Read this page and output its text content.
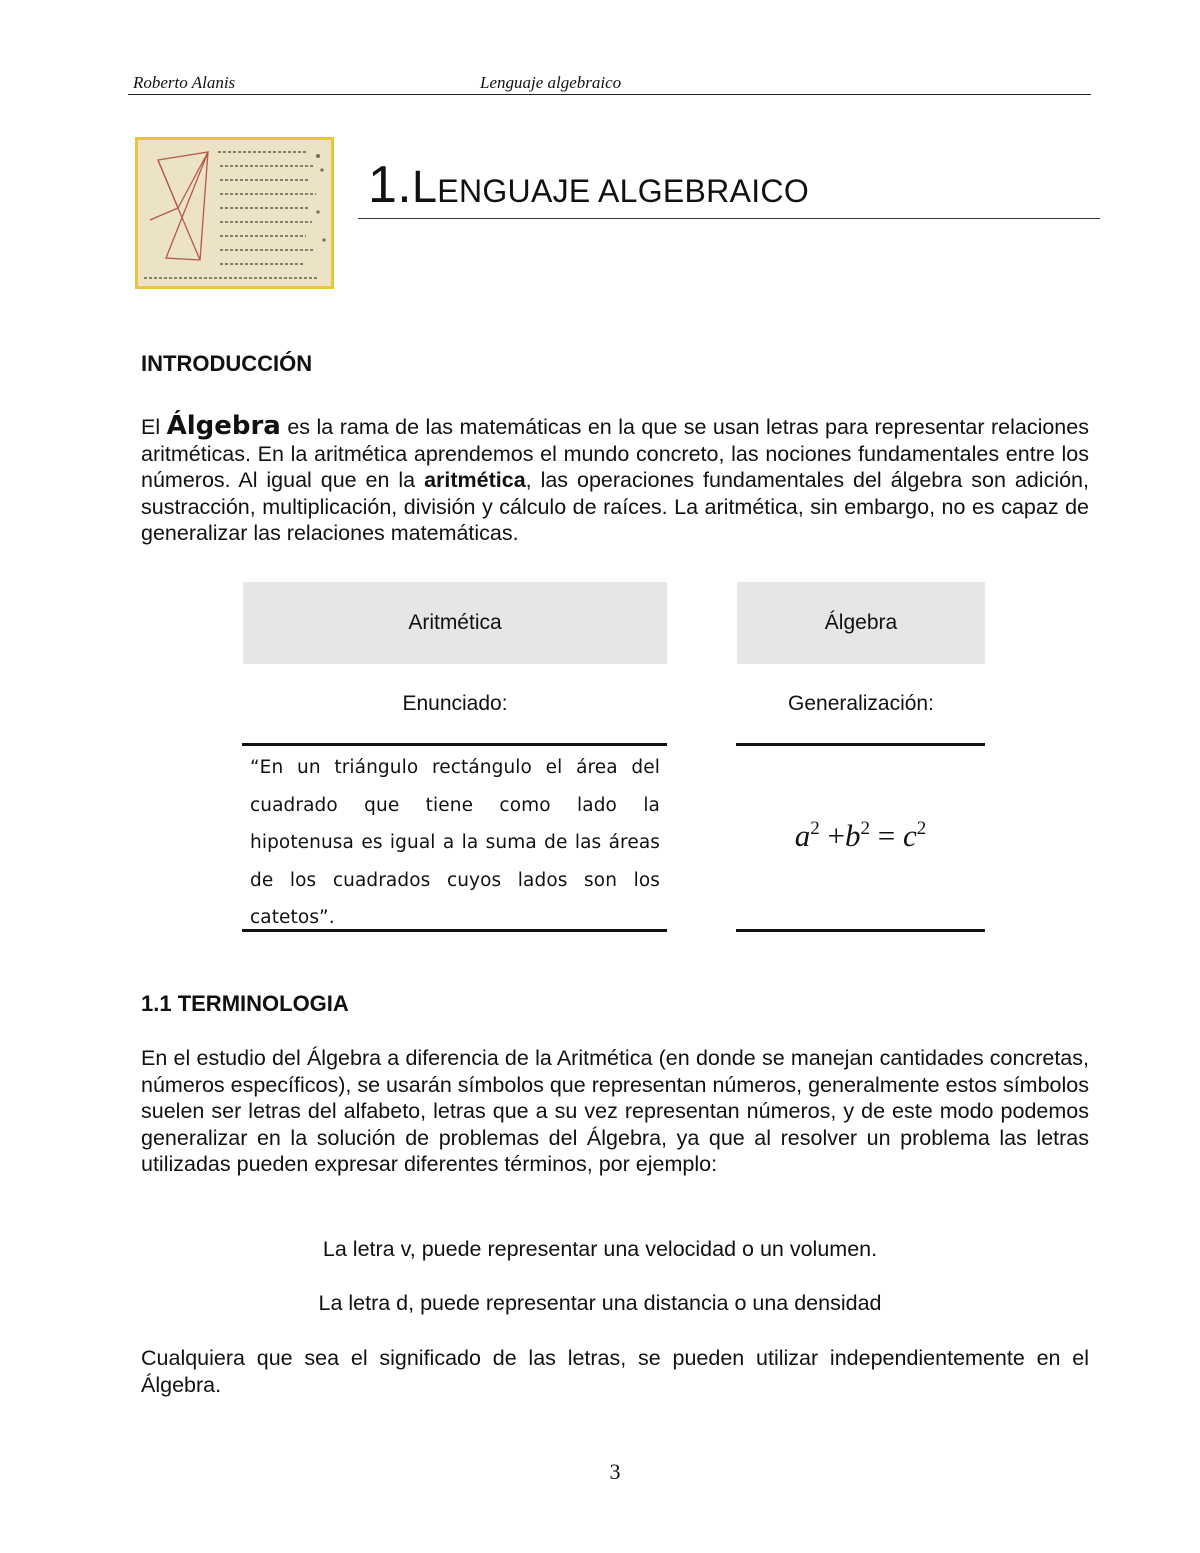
Roberto Alanis	Lenguaje algebraico
1.LENGUAJE ALGEBRAICO
INTRODUCCIÓN
El Álgebra es la rama de las matemáticas en la que se usan letras para representar relaciones aritméticas. En la aritmética aprendemos el mundo concreto, las nociones fundamentales entre los números. Al igual que en la aritmética, las operaciones fundamentales del álgebra son adición, sustracción, multiplicación, división y cálculo de raíces. La aritmética, sin embargo, no es capaz de generalizar las relaciones matemáticas.
Aritmética	Álgebra
Enunciado:	Generalización:
“En un triángulo rectángulo el área del cuadrado que tiene como lado la hipotenusa es igual a la suma de las áreas de los cuadrados cuyos lados son los catetos”.
$a^2 +b^2 = c^2$
1.1 TERMINOLOGIA
En el estudio del Álgebra a diferencia de la Aritmética (en donde se manejan cantidades concretas, números específicos), se usarán símbolos que representan números, generalmente estos símbolos suelen ser letras del alfabeto, letras que a su vez representan números, y de este modo podemos generalizar en la solución de problemas del Álgebra, ya que al resolver un problema las letras utilizadas pueden expresar diferentes términos, por ejemplo:
La letra v, puede representar una velocidad o un volumen.
La letra d, puede representar una distancia o una densidad
Cualquiera que sea el significado de las letras, se pueden utilizar independientemente en el Álgebra.
3
